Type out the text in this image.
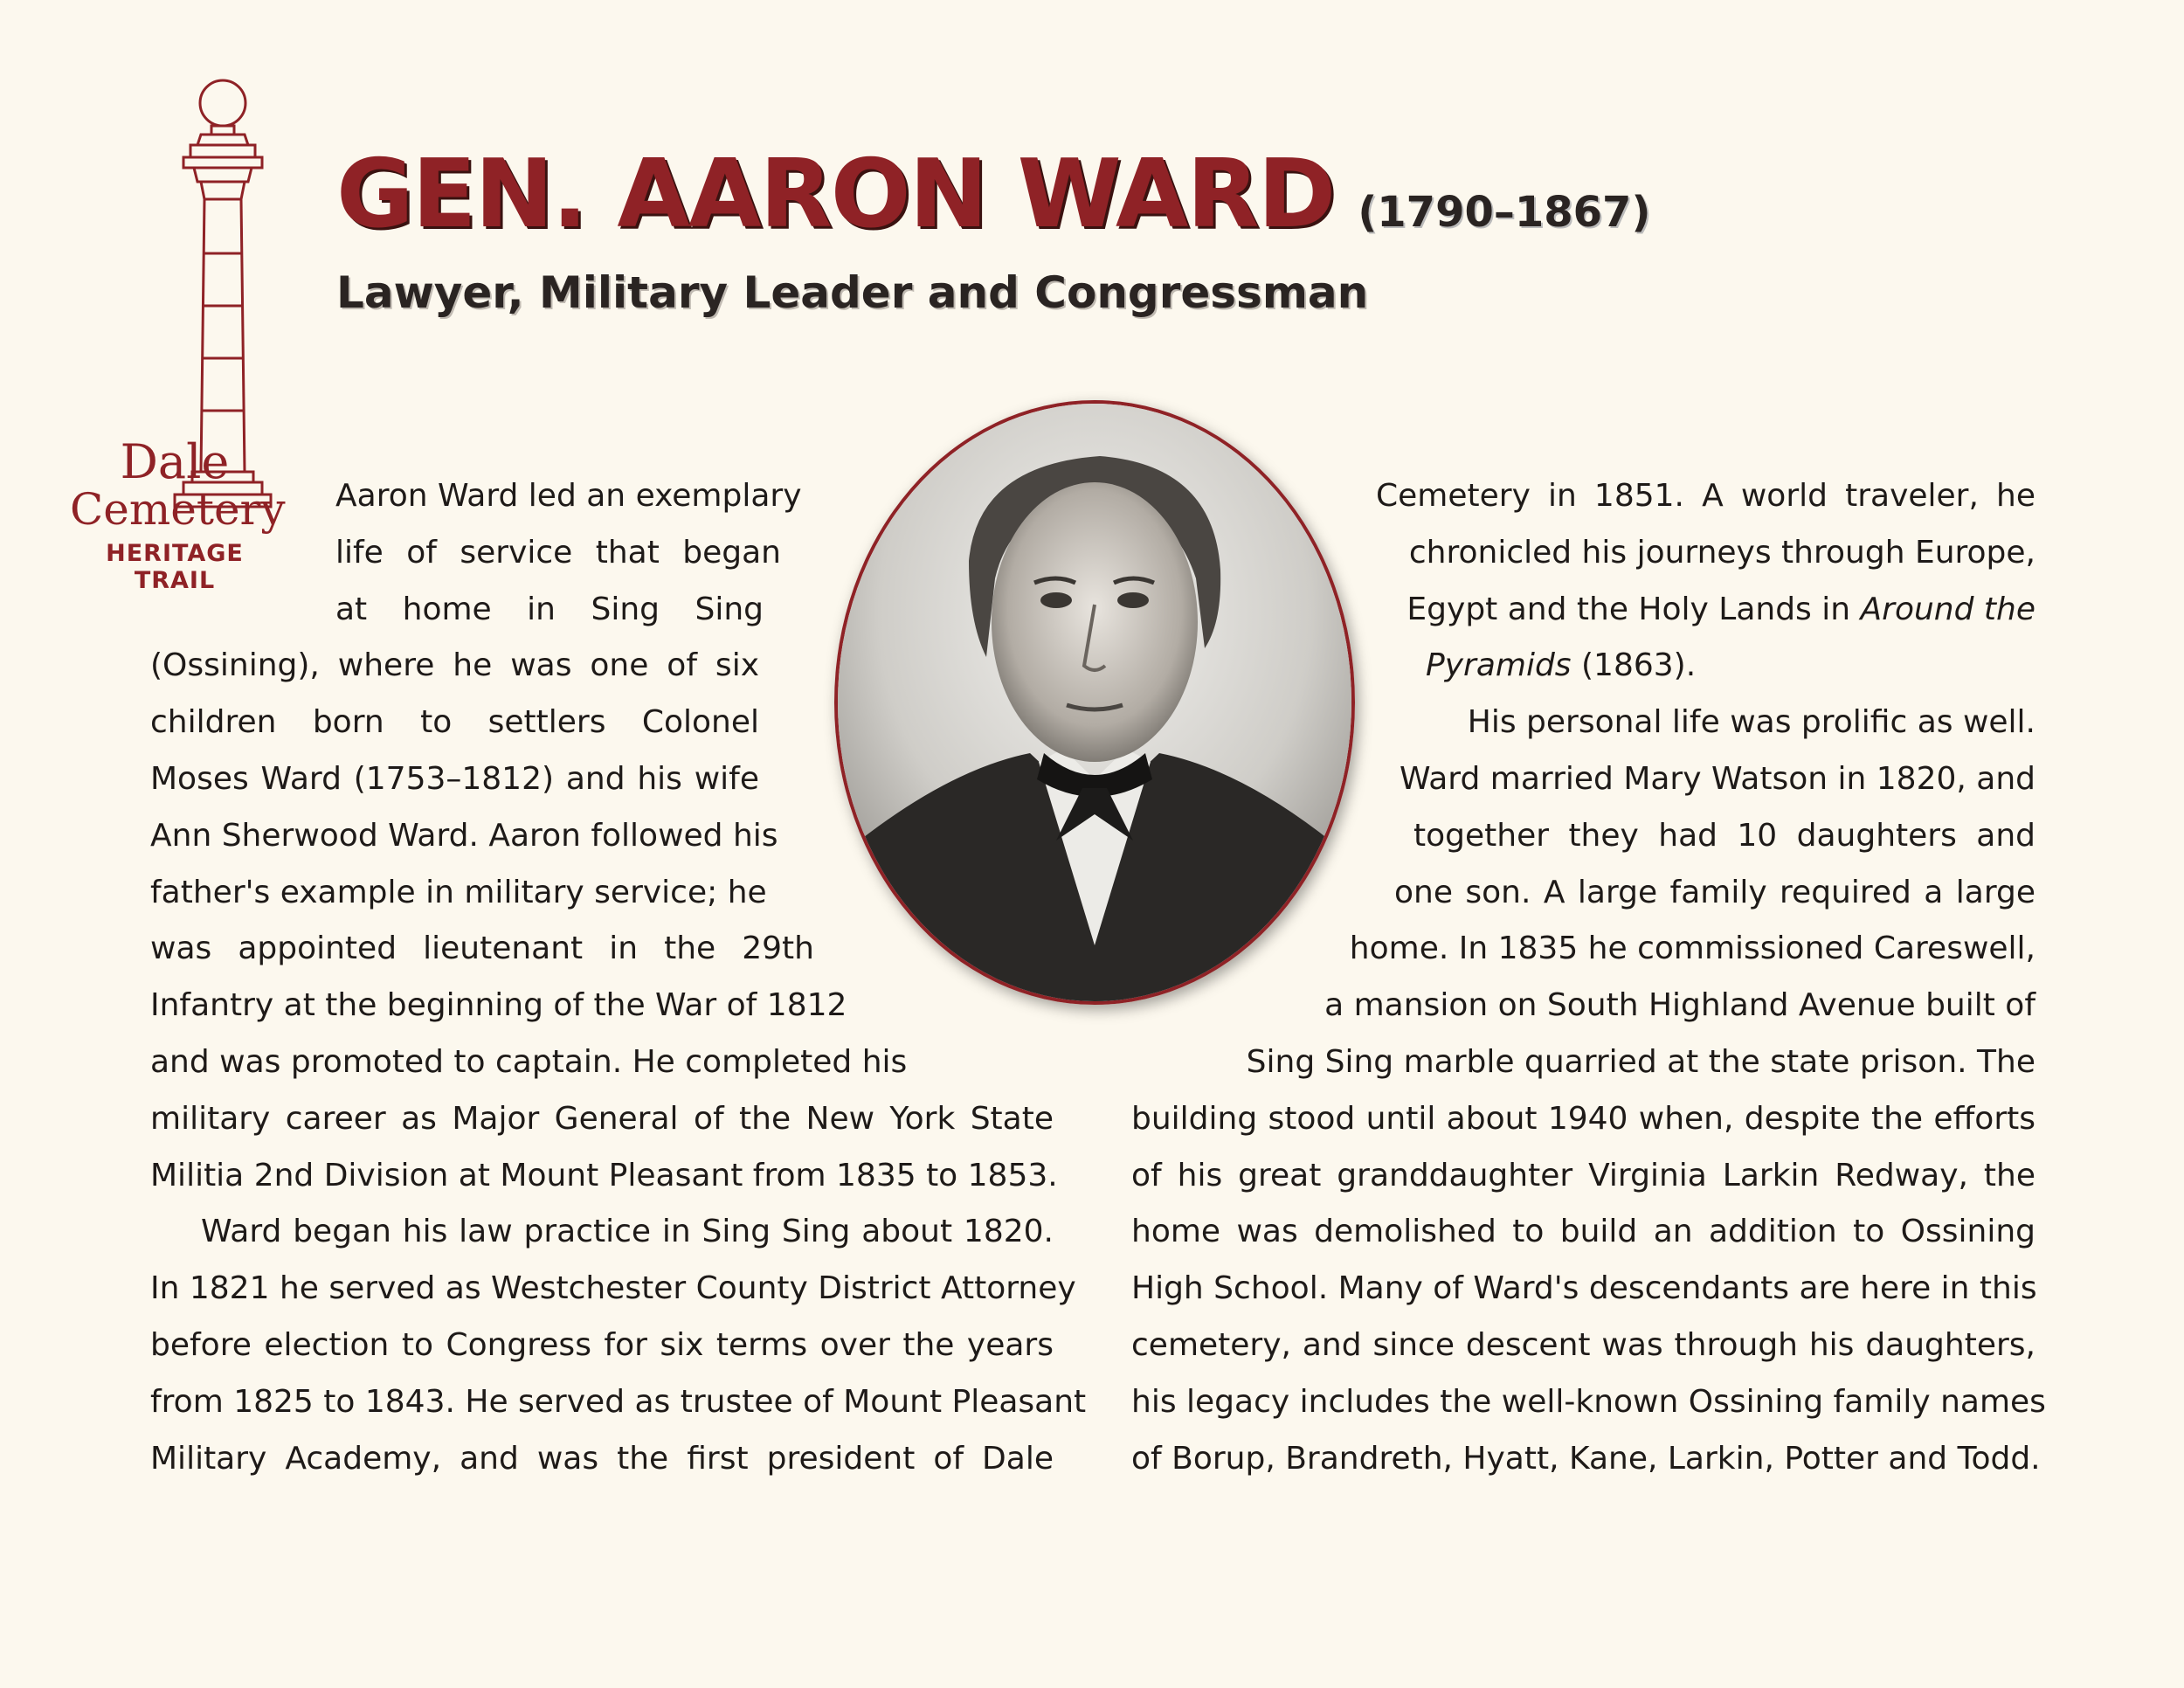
Dale
Cemetery
HERITAGE TRAIL
GEN. AARON WARD (1790–1867)
Lawyer, Military Leader and Congressman
Aaron Ward led an exemplary
life of service that began
at home in Sing Sing
(Ossining), where he was one of six
children born to settlers Colonel
Moses Ward (1753–1812) and his wife
Ann Sherwood Ward. Aaron followed his
father's example in military service; he
was appointed lieutenant in the 29th
Infantry at the beginning of the War of 1812
and was promoted to captain. He completed his
military career as Major General of the New York State
Militia 2nd Division at Mount Pleasant from 1835 to 1853.
Ward began his law practice in Sing Sing about 1820.
In 1821 he served as Westchester County District Attorney
before election to Congress for six terms over the years
from 1825 to 1843. He served as trustee of Mount Pleasant
Military Academy, and was the first president of Dale
Cemetery in 1851. A world traveler, he
chronicled his journeys through Europe,
Egypt and the Holy Lands in Around the
Pyramids (1863).
His personal life was prolific as well.
Ward married Mary Watson in 1820, and
together they had 10 daughters and
one son. A large family required a large
home. In 1835 he commissioned Careswell,
a mansion on South Highland Avenue built of
Sing Sing marble quarried at the state prison. The
building stood until about 1940 when, despite the efforts
of his great granddaughter Virginia Larkin Redway, the
home was demolished to build an addition to Ossining
High School. Many of Ward's descendants are here in this
cemetery, and since descent was through his daughters,
his legacy includes the well-known Ossining family names
of Borup, Brandreth, Hyatt, Kane, Larkin, Potter and Todd.
